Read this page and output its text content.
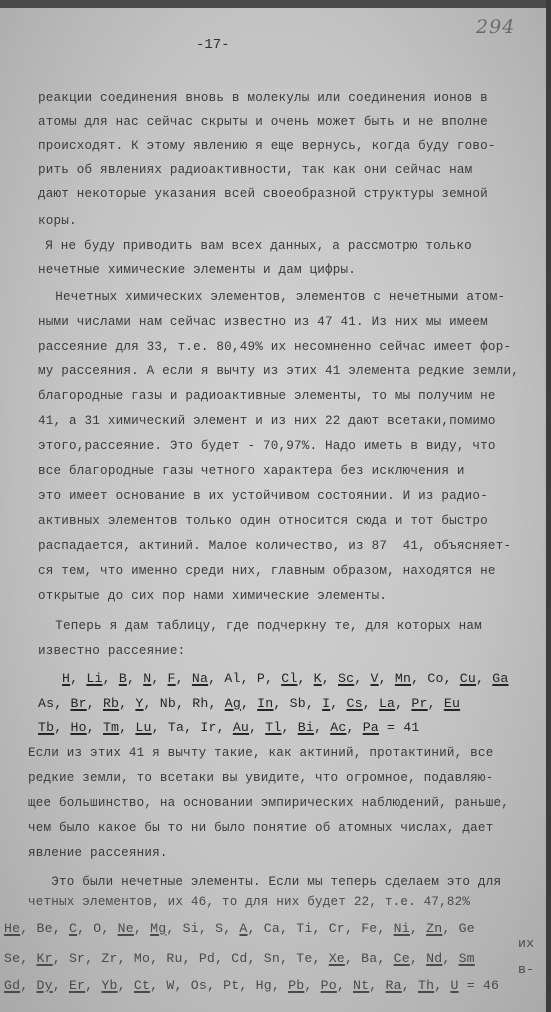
-17-
294
реакции соединения вновь в молекулы или соединения ионов в
атомы для нас сейчас скрыты и очень может быть и не вполне
происходят. К этому явлению я еще вернусь, когда буду гово-
рить об явлениях радиоактивности, так как они сейчас нам
дают некоторые указания всей своеобразной структуры земной
коры.
Я не буду приводить вам всех данных, а рассмотрю только
нечетные химические элементы и дам цифры.
Нечетных химических элементов, элементов с нечетными атом-
ными числами нам сейчас известно из 47 41. Из них мы имеем
рассеяние для 33, т.е. 80,49% их несомненно сейчас имеет фор-
му рассеяния. А если я вычту из этих 41 элемента редкие земли,
благородные газы и радиоактивные элементы, то мы получим не
41, а 31 химический элемент и из них 22 дают всетаки,помимо
этого,рассеяние. Это будет - 70,97%. Надо иметь в виду, что
все благородные газы четного характера без исключения и
это имеет основание в их устойчивом состоянии. И из радио-
активных элементов только один относится сюда и тот быстро
распадается, актиний. Малое количество, из 87  41, объясняет-
ся тем, что именно среди них, главным образом, находятся не
открытые до сих пор нами химические элементы.
Теперь я дам таблицу, где подчеркну те, для которых нам
известно рассеяние:
H, Li, B, N, F, Na, Al, P, Cl, K, Sc, V, Mn, Co, Cu, Ga
As, Br, Rb, Y, Nb, Rh, Ag, In, Sb, I, Cs, La, Pr, Eu
Tb, Ho, Tm, Lu, Ta, Ir, Au, Tl, Bi, Ac, Pa = 41
Если из этих 41 я вычту такие, как актиний, протактиний, все
редкие земли, то всетаки вы увидите, что огромное, подавляю-
щее большинство, на основании эмпирических наблюдений, раньше,
чем было какое бы то ни было понятие об атомных числах, дает
явление рассеяния.
Это были нечетные элементы. Если мы теперь сделаем это для
четных элементов, их 46, то для них будет 22, т.е. 47,82%
He, Be, C, O, Ne, Mg, Si, S, A, Ca, Ti, Cr, Fe, Ni, Zn, Ge
их
Se, Kr, Sr, Zr, Mo, Ru, Pd, Cd, Sn, Te, Xe, Ba, Ce, Nd, Sm
в-
Gd, Dy, Er, Yb, Ct, W, Os, Pt, Hg, Pb, Po, Nt, Ra, Th, U = 46
